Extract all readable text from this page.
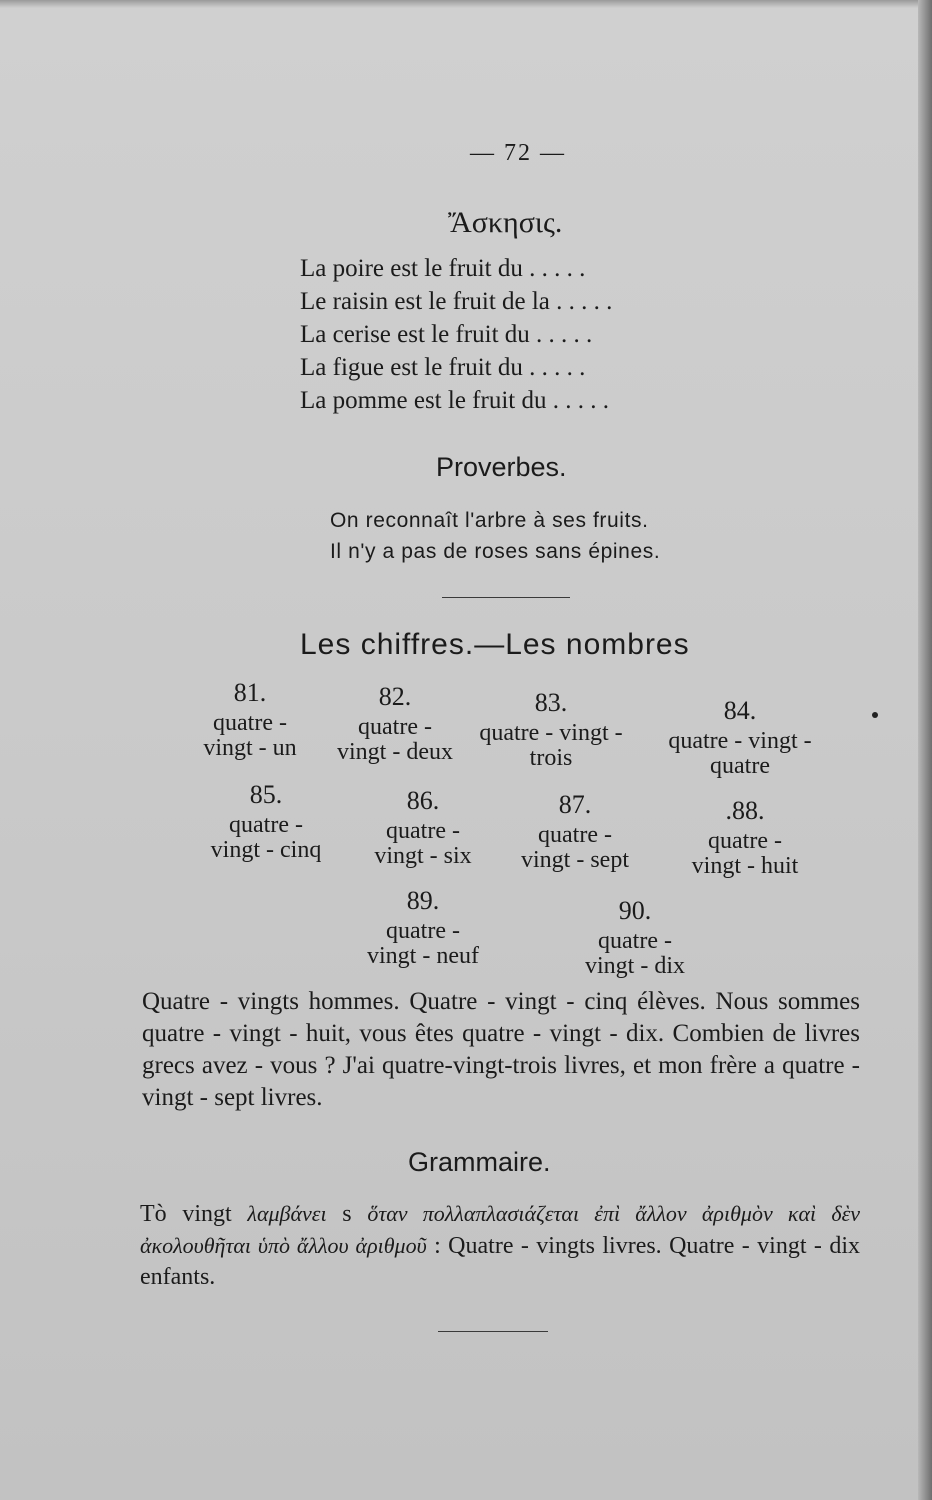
— 72 —
Ἄσκησις.
La poire est le fruit du . . . . .
Le raisin est le fruit de la . . . . .
La cerise est le fruit du . . . . .
La figue est le fruit du . . . . .
La pomme est le fruit du . . . . .
Proverbes.
On reconnaît l'arbre à ses fruits.
Il n'y a pas de roses sans épines.
Les chiffres.—Les nombres
81.
quatre -
vingt - un
82.
quatre -
vingt - deux
83.
quatre - vingt -
trois
84.
quatre - vingt -
quatre
85.
quatre -
vingt - cinq
86.
quatre -
vingt - six
87.
quatre -
vingt - sept
.88.
quatre -
vingt - huit
89.
quatre -
vingt - neuf
90.
quatre -
vingt - dix
Quatre - vingts hommes. Quatre - vingt - cinq élèves. Nous sommes quatre - vingt - huit, vous êtes quatre - vingt - dix. Combien de livres grecs avez - vous ? J'ai quatre-vingt-trois livres, et mon frère a quatre - vingt - sept livres.
Grammaire.
Tò vingt λαμβάνει s ὅταν πολλαπλασιάζεται ἐπὶ ἄλλον ἀριθμὸν καὶ δὲν ἀκολουθῆται ὑπὸ ἄλλου ἀριθμοῦ : Quatre - vingts livres. Quatre - vingt - dix enfants.
